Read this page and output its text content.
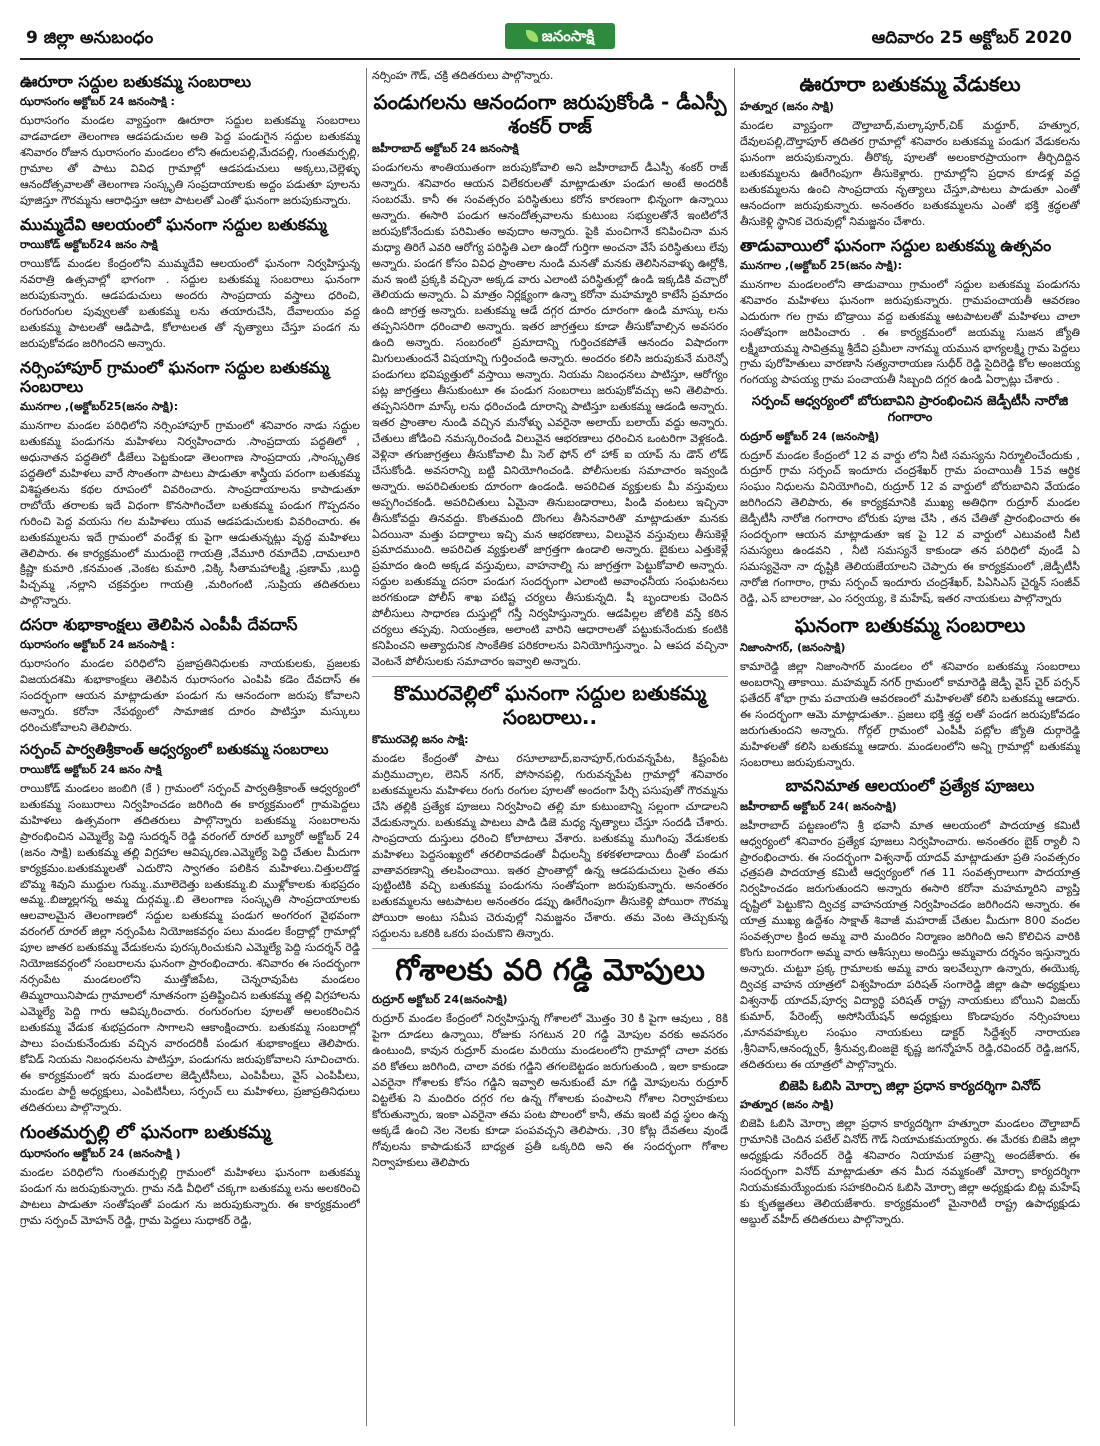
9 జిల్లా అనుబంధం	జనంసాక్షి	ఆదివారం 25 అక్టోబర్ 2020
ఊరూరా సద్దుల బతుకమ్మ సంబరాలు
ఝరాసంగం అక్టోబర్ 24 జనంసాక్షి :

ఝరాసంగం మండల వ్యాప్తంగా ఊరూరా సద్దుల బతుకమ్మ సంబరాలు వాడవాడలా తెలంగాణ ఆడపడుచుల అతి పెద్ద పండుగైన సద్దుల బతుకమ్మ శనివారం రోజున ఝరాసంగం మండలం లోని ఈదులపల్లి,మేదపల్లి, గుంతమర్పల్లి, గ్రామాల తో పాటు వివిధ గ్రామాల్లో ఆడపడుచులు అక్కలు,చెల్లెళ్ళు ఆనందోత్సవాలతో తెలంగాణ సంస్కృతి సంప్రదాయాలకు అద్దం పడుతూ పూలను పూజిస్తూ గౌరమ్మను ఆరాధిస్తూ ఆటా పాటలతో ఎంతో ఘనంగా జరుపుకున్నారు.

ముమ్మదేవి ఆలయంలో ఘనంగా సద్దుల బతుకమ్మ
రాయికోడ్ అక్టోబర్24 జనం సాక్షి

రాయికోడ్ మండల కేంద్రంలోని ముమ్మదేవి ఆలయంలో ఘనంగా నిర్వహిస్తున్న నవరాత్రి ఉత్సవాల్లో భాగంగా . సద్దుల బతుకమ్మ సంబరాలు ఘనంగా జరుపుకున్నారు. ఆడపడుచులు అందరు సాంప్రదాయ వస్త్రాలు ధరించి, రంగురంగుల పువ్వులతో బతుకమ్మ లను తయారుచేసి, దేవాలయం వద్ద బతుకమ్మ పాటలతో ఆడిపాడి, కోలాటలత తో నృత్యాలు చేస్తూ పండగ ను జరుపుకోవడం జరిగిందని అన్నారు.

నర్సింహాపూర్ గ్రామంలో ఘనంగా సద్దుల బతుకమ్మ సంబరాలు
మునగాల ,(అక్టోబర్25(జనం సాక్షి):

మునగాల మండల పరిధిలోని నర్సింహాపూర్ గ్రామంలో శనివారం నాడు సద్దుల బతుకమ్మ పండుగను మహిళలు నిర్వహించారు .సాంప్రదాయ పద్ధతిలో , అధునాతన పద్ధతిలో డీజేలు పెట్టకుండా తెలంగాణ సాంప్రదాయ ,సాంస్కృతిక పద్ధతిలో మహిళలు వారే సొంతంగా పాటలు పాడుతూ శాస్త్రీయ పరంగా బతుకమ్మ విశిష్టతలను కథల రూపంలో వివరించారు. సాంప్రదాయాలను కాపాడుతూ రాబోయే తరాలకు ఇదే విధంగా కొనసాగించేలా బతుకమ్మ పండుగ గొప్పదనం గురించి పెద్ద వయసు గల మహిళలు యువ ఆడపడుచులకు వివరించారు. ఈ బతుకమ్మలను ఇదే గ్రామంలో వందేళ్ల కు పైగా ఆడుతున్నట్లు వృద్ధ మహిళలు తెలిపారు. ఈ కార్యక్రమంలో ముదుంబై గాయత్రి ,వేమూరి రమాదేవి ,దామలూరి క్రిష్ణా కుమారి ,కనమంత ,వెంకట కుమారి ,విక్కి సీతామహాలక్ష్మి ,ప్రణామ్ ,బుద్ధి పిచ్చమ్మ ,నల్లాని చక్రవర్తుల గాయత్రి ,మరింగంటి ,సుప్రియ తదితరులు పాల్గొన్నారు.

దసరా శుభాకాంక్షలు తెలిపిన ఎంపీపీ దేవదాస్
ఝరాసంగం అక్టోబర్ 24 జనంసాక్షి :

ఝరాసంగం మండల పరిధిలోని ప్రజాప్రతినిధులకు నాయకులకు, ప్రజలకు విజయదశమి శుభాకాంక్షలు తెలిపిన ఝరాసంగం ఎంపిపి కడెం దేవదాస్ ఈ సందర్భంగా ఆయన మాట్లాడుతూ పండుగ ను ఆనందంగా జరుపు కోవాలని అన్నారు. కరోనా నేపథ్యంలో సామాజిక దూరం పాటిస్తూ మస్కులు ధరించుకోవాలని తెలిపారు.

సర్పంచ్ పార్వతిశ్రీకాంత్ ఆధ్వర్యంలో బతుకమ్మ సంబరాలు
రాయికోడ్ అక్టోబర్ 24 జనం సాక్షి

రాయికోడ్ మండలం జంబిగి (కే ) గ్రామంలో సర్పంచ్ పార్వతిశ్రీకాంత్ ఆధ్వర్యంలో బతుకమ్మ సంబురాలు నిర్వహించడం జరిగింది ఈ కార్యక్రమంలో గ్రామపెద్దలు మహిళలు ఉత్సవంగా తదితరులు పాల్గొన్నారు బతుకమ్మ సంబరాలను ప్రారంభించిన ఎమ్మెల్యే పెద్ది సుదర్శన్ రెడ్డి వరంగల్ రూరల్ బ్యూరో అక్టోబర్ 24 (జనం సాక్షి) బతుకమ్మ తల్లి విగ్రహాల ఆవిష్కరణ.ఎమ్మెల్యే పెద్ది చేతుల మీదుగా కార్యక్రమం.బతుకమ్మలతో ఎదురొని స్వాగతం పలికిన మహిళలు.చిత్తులదొడ్డ బొమ్మ శివుని ముద్దుల గుమ్మ..మూలెదెత్తు బతుకమ్మ.బి ముళ్లోకాలకు శుభప్రదం అమ్మ..బిజ్ముల్లగన్న అమ్మ దుర్గమ్మ..బి తెలంగాణ సంస్కృతి సాంప్రదాయాలకు ఆలవాలమైన తెలంగాణలో సద్దుల బతుకమ్మ పండుగ అంగరంగ వైభవంగా వరంగల్ రూరల్ జిల్లా నర్సంపేట నియోజకవర్గం పలు మండల కేంద్రాల్లో గ్రామాల్లో పూల జాతర బతుకమ్మ వేడుకలను పురస్కరించుకుని ఎమ్మెల్యే పెద్ది సుదర్శన్ రెడ్డి నియోజకవర్గంలో సంబరాలను ఘనంగా ప్రారంభించారు. శనివారం ఈ సందర్భంగా నర్సంపేట మండలంలోని ముత్తోజిపేట, చెన్నరావుపేట మండలం తిమ్మరాయినిపాడు గ్రామాలలో నూతనంగా ప్రతిష్టించిన బతుకమ్మ తల్లి విగ్రహాలను ఎమ్మెల్యే పెద్ది గారు ఆవిష్కరించారు. రంగురంగుల పూలతో అలంకరించిన బతుకమ్మ వేడుక శుభప్రదంగా సాగాలని ఆకాంక్షించారు. బతుకమ్మ సంబరాల్లో పాలు పంచుకునేందుకు వచ్చిన వారందరికీ పండుగ శుభాకాంక్షలు తెలిపారు. కోవిడ్ నియమ నిబంధనలను పాటిస్తూ, పండుగను జరుపుకోవాలని సూచించారు. ఈ కార్యక్రమంలో ఇరు మండలాల జెడ్పిటీసీలు, ఎంపిపీలు, వైస్ ఎంపిపీలు, మండల పార్టీ అధ్యక్షులు, ఎంపిటిసీలు, సర్పంచ్ లు మహిళలు, ప్రజాప్రతినిధులు తదితరులు పాల్గొన్నారు.

గుంతమర్పల్లి లో ఘనంగా బతుకమ్మ
ఝరాసంగం అక్టోబర్ 24 (జనంసాక్షి )

మండల పరిధిలోని గుంతమర్పల్లి గ్రామంలో మహిళలు ఘనంగా బతుకమ్మ పండుగ ను జరుపుకున్నారు. గ్రామ నడి వీధిలో చక్కగా బతుకమ్మ లను అలకరించి పాటలు పాడుతూ సంతోషంతో పండుగ ను జరుపుకున్నారు. ఈ కార్యక్రమంలో గ్రామ సర్పంచ్ మోహన్ రెడ్డి, గ్రామ పెద్దలు సుధాకర్ రెడ్డి,

నర్సింహ గౌడ్, చక్రి తదితరులు పాల్గొన్నారు.

పండుగలను ఆనందంగా జరుపుకోండి - డీఎస్పీ శంకర్ రాజ్
జహీరాబాద్ అక్టోబర్ 24 జనంసాక్షి

పండుగలను శాంతియుతంగా జరుపుకోవాలి అని జహీరాబాద్ డీఎస్పీ శంకర్ రాజ్ అన్నారు. శనివారం ఆయన విలేకరులతో మాట్లాడుతూ పండుగ అంటే అందరికీ సంబరమే. కానీ ఈ సంవత్సరం పరిస్థితులు కరోన కారణంగా భిన్నంగా ఉన్నాయి అన్నారు. ఈసారి పండుగ ఆనందోత్సవాలను కుటుంబ సభ్యులతోనే ఇంటిలోనే జరుపుకోనేందుకు పరిమితం అవుదాం అన్నారు. పైకి మంచిగానే కనిపించినా మన మధ్యా తిరిగే ఎవరి ఆరోగ్య పరిస్థితి ఎలా ఉందో గుర్తిగా అంచనా వేసే పరిస్థితులు లేవు అన్నారు. పండగ కోసం వివిధ ప్రాంతాల నుండి మనతో మనకు తెలిసినవాళ్ళు ఊర్లోకి, మన ఇంటి ప్రక్కకి వచ్చినా అక్కడ వారు ఎలాంటి పరిస్థితుల్లో ఉండి ఇక్కడికి వచ్చారో తెలియదు అన్నారు. ఏ మాత్రం నిర్లక్ష్యంగా ఉన్నా కరోనా మహమ్మారి కాటేసే ప్రమాదం ఉంది జాగ్రత్త అన్నారు. బతుకమ్మ ఆడే దగ్గర దూరం దూరంగా ఉండి మాస్కు లను తప్పనిసరిగా ధరించాలి అన్నారు. ఇతర జాగ్రత్తలు కూడా తీసుకోవాల్సిన అవసరం ఉంది అన్నారు. సంబరంలో ప్రమాదాన్ని గుర్తించకపోతే ఆనందం విషాదంగా మిగులుతుందనే విషయాన్ని గుర్తించండి అన్నారు. అందరం కలిసి జరుపుకునే మరెన్నో పండుగలు భవిష్యత్తులో వస్తాయి అన్నారు. నియమ నిబంధనలు పాటిస్తూ, ఆరోగ్యం పట్ల జాగ్రత్తలు తీసుకుంటూ ఈ పండుగ సంబరాలు జరుపుకోవచ్చు అని తెలిపారు. తప్పనిసరిగా మాస్క్ లను ధరించండి దూరాన్ని పాటిస్తూ బతుకమ్మ ఆడండి అన్నారు. ఇతర ప్రాంతాల నుండి వచ్చిన మనోళ్ళు ఎవరైనా అలాయ్ బలాయ్ వద్దు అన్నారు. చేతులు జోడించి నమస్కరించండి విలువైన ఆభరణాలు ధరించిన ఒంటరిగా వెళ్లకండి. వెళ్లినా తగుజాగ్రత్తలు తీసుకోవాలి మీ సెల్ ఫోన్ లో హాక్ ఐ యాప్ ను డౌన్ లోడ్ చేసుకోండి. అవసరాన్ని బట్టి వినియోగించండి. పోలీసులకు సమాచారం ఇవ్వండి అన్నారు. అపరిచితులకు దూరంగా ఉండండి. అపరిచిత వ్యక్తులకు మీ వస్తువులు అప్పగించకండి. అపరిచితులు ఏమైనా తినుబండారాలు, పిండి వంటలు ఇచ్చినా తీసుకోవద్దు తినవద్దు. కొంతమంది దొంగలు తీసినవారితొ మాట్లాడుతూ మనకు ఏదయినా మత్తు పదార్థాలు ఇచ్చి మన ఆభరణాలు, విలువైన వస్తువులు తీసుకెళ్లే ప్రమాదముంది. అపరిచిత వ్యక్తులతో జాగ్రత్తగా ఉండాలి అన్నారు. బైకులు ఎత్తుకెళ్లే ప్రమాదం ఉంది అక్కడ వస్తువులు, వాహనాల్ని ను జాగ్రత్తగా పెట్టుకోవాలి అన్నారు. సద్దుల బతుకమ్మ దసరా పండుగ సందర్భంగా ఎలాంటి అవాంఛనీయ సంఘటనలు జరగకుండా పోలీస్ శాఖ పటిష్ట చర్యలు తీసుకున్నది. షీ బృందాలకు చెందిన పోలీసులు సాధారణ దుస్తుల్లో గస్తీ నిర్వహిస్తున్నారు. ఆడపిల్లల జోలికి వస్తే కఠిన చర్యలు తప్పవు. నియంత్రణ, అలాంటి వారిని ఆధారాలతో పట్టుకునేందుకు కంటికి కనిపించని అత్యాధునిక సాంకేతిక పరికరాలను వినియోగిస్తున్నాం. ఏ ఆపద వచ్చినా వెంటనే పోలీసులకు సమాచారం ఇవ్వాలి అన్నారు.

కొమురవెల్లిలో ఘనంగా సద్దుల బతుకమ్మ సంబరాలు..
కొమురవెల్లి జనం సాక్షి:

మండల కేంద్రంతో పాటు రసూలాబాద్,ఐనాపూర్,గురువన్నపేట, కిష్టంపేట మర్రిముచ్చాల, లెనిన్ నగర్, పోసానపల్లి, గురువన్నపేట గ్రామాల్లో శనివారం బతుకమ్మలను మహిళలు రంగు రంగుల పూలతో అందంగా పేర్చి పసుపుతో గౌరమ్మను చేసి తల్లికి ప్రత్యేక పూజలు నిర్వహించి తల్లి మా కుటుంబాన్ని సల్లంగా చూడాలని వేడుకున్నారు. బతుకమ్మ పాటలు పాడి డిజె మధ్య నృత్యాలు చేస్తూ సందడి చేశారు. సాంప్రదాయ దుస్తులు ధరించి కోలాటాలు వేశారు. బతుకమ్మ ముగింపు వేడుకలకు మహిళలు పెద్దసంఖ్యలో తరలిరావడంతో వీధులన్నీ కళకళలాడాయి దీంతో పండుగ వాతావరణాన్ని తలపించాయి. ఇతర ప్రాంతాల్లో ఉన్న ఆడపడుచులు సైతం తమ పుట్టింటికి వచ్చి బతుకమ్మ పండుగను సంతోషంగా జరుపుకున్నారు. అనంతరం బతుకమ్మలను ఆటపాటల అనంతరం డప్పు ఊరేగింపుగా తీసుకెళ్లి పోయిరా గౌరమ్మ పోయిరా అంటు సమీప చెరువుల్లో నిమజ్జనం చేశారు. తమ వెంట తెచ్చుకున్న సద్దులను ఒకరికి ఒకరు పంచుకొని తిన్నారు.

గోశాలకు వరి గడ్డి మోపులు
రుద్రూర్ అక్టోబర్ 24(జనంసాక్షి)

రుద్రూర్ మండల కేంద్రంలో నిర్వహిస్తున్న గోశాలలో మొత్తం 30 కి పైగా ఆవులు , 8కి పైగా దూడలు ఉన్నాయి, రోజుకు సగటున 20 గడ్డి మోపుల వరకు అవసరం ఉంటుంది, కావున రుద్రూర్ మండల మరియు మండలంలోని గ్రామాల్లో చాలా వరకు వరి కోతలు జరిగింది, చాలా వరకు గడ్డిని తగలబెట్టడం జరుగుతుంది , ఇలా కాకుండా ఎవరైనా గోశాలకు కోసం గడ్డిని ఇవ్వాలి అనుకుంటే మా గడ్డి మోపులను రుద్రూర్ విట్టలేశు ని మందిరం దగ్గర గల ఉన్న గోశాలకు పంపాలని గోశాల నిర్వాహకులు కోరుతున్నారు, ఇంకా ఎవరైనా తమ పంట పొలంలో కానీ, తమ ఇంటి వద్ద స్థలం ఉన్న అక్కడే ఉంచి నెల నెలకు కూడా పంపవచ్చని తెలిపారు. ,30 కోట్ల దేవతలు వుండే గోవులను కాపాడుకునే బాధ్యత ప్రతీ ఒక్కరిది అని ఈ సందర్భంగా గోశాల నిర్వాహకులు తెలిపారు

ఊరూరా బతుకమ్మ వేడుకలు
హత్నూర (జనం సాక్షి)

మండల వ్యాప్తంగా దౌల్తాబాద్,మల్కాపూర్,చిక్ మద్దూర్, హత్నూర, దేవులపల్లి,దౌల్తాపూర్ తదితర గ్రామాల్లో శనివారం బతుకమ్మ పండుగ వేడుకలను ఘనంగా జరుపుకున్నారు. తీరొక్క పూలతో అలంకారప్రాయంగా తీర్చిదిద్దిన బతుకమ్మలను ఊరేగింపుగా తీసుకెళ్లారు. గ్రామాల్లోని ప్రధాన కూడళ్ల వద్ద బతుకమ్మలను ఉంచి సాంప్రదాయ నృత్యాలు చేస్తూ,పాటలు పాడుతూ ఎంతో ఆనందంగా జరుపుకున్నారు. అనంతరం బతుకమ్మలను ఎంతో భక్తి శ్రద్ధలతో తీసుకెళ్లి స్థానిక చెరువుల్లో నిమజ్జనం చేశారు.

తాడువాయిలో ఘనంగా సద్దుల బతుకమ్మ ఉత్సవం
మునగాల ,(అక్టోబర్ 25(జనం సాక్షి):

మునగాల మండలంలోని తాడువాయి గ్రామంలో సద్దుల బతుకమ్మ పండుగను శనివారం మహిళలు ఘనంగా జరుపుకున్నారు. గ్రామపంచాయతీ ఆవరణం ఎదురుగా గల గ్రామ బొడ్రాయి వద్ద బతుకమ్మ ఆటపాటలతో మహిళలు చాలా సంతోషంగా జరిపించారు . ఈ కార్యక్రమంలో జయమ్మ సుజన జ్యోతి లక్ష్మీబాయమ్మ సావిత్రమ్మ శ్రీదేవి ప్రమీలా నాగమ్మ యమున భాగ్యలక్ష్మి గ్రామ పెద్దలు గ్రామ పురోహితులు వారణాసి సత్యనారాయణ సుధీర్ రెడ్డి సైదిరెడ్డి కోల అంజయ్య గంగయ్య పాపయ్య గ్రామ పంచాయతీ సిబ్బంది దగ్గర ఉండి ఏర్పాట్లు చేశారు .

సర్పంచ్ ఆధ్వర్యంలో బోరుబావిని ప్రారంభించిన జెడ్పీటీసీ నారోజి గంగారాం
రుద్రూర్ అక్టోబర్ 24 (జనంసాక్షి)

రుద్రూర్ మండల కేంద్రంలో 12 వ వార్డు లోని నీటి సమస్యను నిర్మూలించేందుకు , రుద్రూర్ గ్రామ సర్పంచ్ ఇందూరు చంద్రశేఖర్ గ్రామ పంచాయితీ 15వ ఆర్థిక సంఘం నిధులను వినియోగించి, రుద్రూర్ 12 వ వార్డులో బోరుబావిని వేయడం జరిగిందని తెలిపారు, ఈ కార్యక్రమానికి ముఖ్య అతిధిగా రుద్రూర్ మండల జెడ్పీటీసీ నారోజి గంగారాం బోరుకు పూజ చేసి , తన చేతితో ప్రారంభించారు ఈ సందర్భంగా ఆయన మాట్లాడుతూ ఇక పై 12 వ వార్డులో ఎటువంటి నీటి సమస్యలు ఉండవని , నీటి సమస్యనే కాకుండా తన పరిధిలో వుండే ఏ సమస్యనైనా నా దృష్టికి తెలియజేయాలని చెప్పారు ఈ కార్యక్రమంలో ,జెడ్పీటీసీ నారోజి గంగారాం, గ్రామ సర్పంచ్ ఇందూరు చంద్రశేఖర్, పిఏసిఎస్ చైర్మన్ సంజీవ్ రెడ్డి, ఎన్ బాలరాజు, ఎం సర్వయ్య, కె మహేష్, ఇతర నాయకులు పాల్గొన్నారు

ఘనంగా బతుకమ్మ సంబరాలు
నిజాంసాగర్, (జనంసాక్షి)

కామారెడ్డి జిల్లా నిజాంసాగర్ మండలం లో శనివారం బతుకమ్మ సంబరాలు అంబరాన్ని తాకాయి. మహమ్మద్ నగర్ గ్రామంలో కామారెడ్డి జెడ్పీ వైస్ చైర్ పర్సన్ ఫతేదర్ శోభా గ్రామ పచాయతి ఆవరణంలో మహిళలతో కలిసి బతుకమ్మ ఆడారు. ఈ సందర్భంగా ఆమె మాట్లాడుతూ.. ప్రజలు భక్తి శ్రద్ధ లతో పండగ జరుపుకోవడం జరుగుతుందని అన్నారు. గోర్గల్ గ్రామంలో ఎంపీపీ పట్లోల జ్యోతి దుర్గారెడ్డి మహిళలతో కలిసి బతుకమ్మ ఆడారు. మండలంలోని అన్ని గ్రామాల్లో బతుకమ్మ సంబరాలు జరుపుకున్నారు.

బావనిమాత ఆలయంలో ప్రత్యేక పూజలు
జహీరాబాద్ అక్టోబర్ 24( జనంసాక్షి)

జహీరాబాద్ పట్టణంలోని శ్రీ భవానీ మాత ఆలయంలో పాదయాత్ర కమిటీ ఆధ్వర్యంలో శనివారం ప్రత్యేక పూజలు నిర్వహించారు. అనంతరం బైక్ ర్యాలీ ని ప్రారంభించారు. ఈ సందర్భంగా విశ్వనాథ్ యాదవ్ మాట్లాడుతూ ప్రతి సంవత్సరం ఛత్రపతి పాదయాత్ర కమిటీ ఆధ్వర్యంలో గత 11 సంవత్సరాలుగా పాదయాత్ర నిర్వహించడం జరుగుతుందని అన్నారు ఈసారి కరోనా మహమ్మారిని వ్యాప్తి దృష్టిలో పెట్టుకొని ద్విచక్ర వాహనయాత్ర నిర్వహించడం జరిగిందని అన్నారు. ఈ యాత్ర ముఖ్య ఉద్దేశం సాక్షాత్ శివాజీ మహరాజ్ చేతుల మీదుగా 800 వందల సంవత్సరాల క్రింద అమ్మ వారి మందిరం నిర్మాణం జరిగింది అని కొలిచిన వారికి కొంగు బంగారంగా అమ్మ వారు ఆశీస్సులు అందిస్తు అమ్మవారు దర్శనం ఇస్తున్నారు అన్నారు. చుట్టూ ప్రక్క గ్రామాలకు అమ్మ వారు ఇలవేల్పుగా ఉన్నారు, ఈయొక్క ద్విచక్ర వాహన యాత్రలో విశ్వహిందూ పరిషత్ సంగారెడ్డి జిల్లా ఉపా అధ్యక్షులు విశ్వనాథ్ యాదవ్,పూర్వ విద్యార్థి పరిషత్ రాష్ట్ర నాయకులు బోయిని విజయ్ కుమార్, పేరెంట్స్ అసోసియేషన్ అధ్యక్షులు కొండాపురం నర్సింహులు ,మానవహక్కుల సంఘం నాయకులు డాక్టర్ సిద్దేశ్వర్ నారాయణ ,శ్రీనివాస్,ఆనంద్శ్వర్, శ్రీనువ్వ,బింజజై కృష్ణ జగన్మోహన్ రెడ్డి,రవిందర్ రెడ్డి,జగన్, తదితరులు ఈ యాత్రలో పాల్గొన్నారు.

బిజెపి ఓబిసి మోర్చా జిల్లా ప్రధాన కార్యదర్శిగా వినోద్
హత్నూర (జనం సాక్షి)

బిజెపి ఓబిసి మోర్చా జిల్లా ప్రధాన కార్యదర్శిగా హత్నూరా మండలం దౌల్తాబాద్ గ్రామానికి చెందిన పటేల్ వినోద్ గౌడ్ నియామకమయ్యారు. ఈ మేరకు బిజెపి జిల్లా అధ్యక్షుడు నరేందర్ రెడ్డి శనివారం నియామక పత్రాన్ని అందజేశారు. ఈ సందర్భంగా వినోద్ మాట్లాడుతూ తన మీద నమ్మకంతో మోర్చా కార్యదర్శిగా నియమకమయ్యేందుకు సహకరించిన ఓబిసి మోర్చా జిల్లా అధ్యక్షుడు బిట్ల మహేష్ కు కృతజ్ఞతలు తెలియజేశారు. కార్యక్రమంలో మైనారిటీ రాష్ట్ర ఉపాధ్యక్షుడు అబ్దుల్ వహీద్ తదితరులు పాల్గొన్నారు.
